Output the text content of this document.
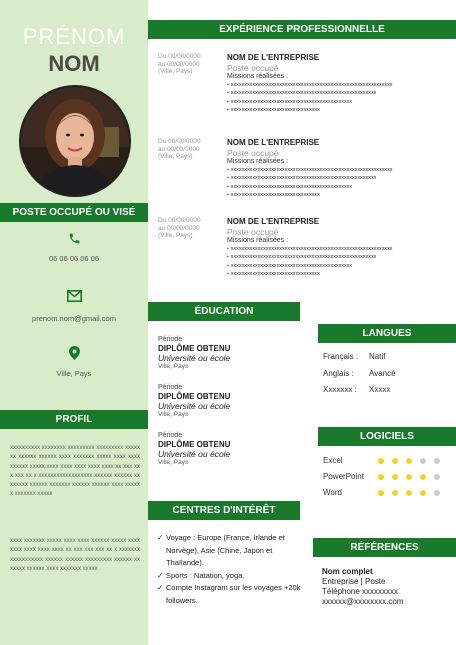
PRÉNOM
NOM
POSTE OCCUPÉ OU VISÉ
06 06 06 06 06
prenom.nom@gmail.com
Ville, Pays
PROFIL
xxxxxxxxxx xxxxxxxx xxxxxxxxx xxxxxxxxx xxxxxxx xxxxxx xxxxxx xxxx xxxxxxx xxxxx xxxx xxxx xxxxxx xxxxx xxxx xxxx xxxx xxxx xxxx xx xxx xxx xxx xx x xxxxxxxxxxxxxxxxxx xxxxxx xxxxxx xxxxxxxx xxxxxx xxxxxxx xxxxxx xxxxxx xxxx xxxxxx xxxxxxx xxxxx
xxxx xxxxxxx xxxxx xxxx xxxx xxxxxx xxxxx xxxx xxxx xxxx xxxx xxxx xx xxx xxx xxx xx x xxxxxxxxxxxxxxxxxx xxxxxx xxxxxx xxxxxxxxx xxxxxx xxxxxxx xxxxxx xxxx xxxxxxx xxxxx
EXPÉRIENCE PROFESSIONNELLE
Du 00/00/0000
au 00/00/0000
(Ville, Pays)
NOM DE L'ENTREPRISE
Poste occupé
Missions réalisées :
▪ xxxxxxxxxxxxxxxxxxxxxxxxxxxxxxxxxxxxxxxxxxxxxxxxxxxxxxxxxxxx
▪ xxxxxxxxxxxxxxxxxxxxxxxxxxxxxxxxxxxxxxxxxxxxxxxxxxxxxx
▪ xxxxxxxxxxxxxxxxxxxxxxxxxxxxxxxxxxxxxxxxxxxxx
▪ xxxxxxxxxxxxxxxxxxxxxxxxxxxxxxxxx
Du 00/00/0000
au 00/00/0000
(Ville, Pays)
NOM DE L'ENTREPRISE
Poste occupé
Missions réalisées :
▪ xxxxxxxxxxxxxxxxxxxxxxxxxxxxxxxxxxxxxxxxxxxxxxxxxxxxxxxxxxxx
▪ xxxxxxxxxxxxxxxxxxxxxxxxxxxxxxxxxxxxxxxxxxxxxxxxxxxxxx
▪ xxxxxxxxxxxxxxxxxxxxxxxxxxxxxxxxxxxxxxxxxxxxx
▪ xxxxxxxxxxxxxxxxxxxxxxxxxxxxxxxxx
Du 00/00/0000
au 00/00/0000
(Ville, Pays)
NOM DE L'ENTREPRISE
Poste occupé
Missions réalisées :
▪ xxxxxxxxxxxxxxxxxxxxxxxxxxxxxxxxxxxxxxxxxxxxxxxxxxxxxxxxxxxx
▪ xxxxxxxxxxxxxxxxxxxxxxxxxxxxxxxxxxxxxxxxxxxxxxxxxxxxxx
▪ xxxxxxxxxxxxxxxxxxxxxxxxxxxxxxxxxxxxxxxxxxxxx
▪ xxxxxxxxxxxxxxxxxxxxxxxxxxxxxxxxx
ÉDUCATION
Période
DIPLÔME OBTENU
Université ou école
Ville, Pays
Période
DIPLÔME OBTENU
Université ou école
Ville, Pays
Période
DIPLÔME OBTENU
Université ou école
Ville, Pays
LANGUES
Français : Natif
Anglais : Avancé
Xxxxxxx : Xxxxx
LOGICIELS
Excel
PowerPoint
Word
CENTRES D'INTÉRÊT
✓ Voyage : Europe (France, Irlande et Norvège), Asie (Chine, Japon et Thaïlande).
✓ Sports : Natation, yoga.
✓ Compte Instagram sur les voyages +20k followers.
RÉFÉRENCES
Nom complet
Entreprise | Poste
Téléphone xxxxxxxxx
xxxxxx@xxxxxxxx.com
